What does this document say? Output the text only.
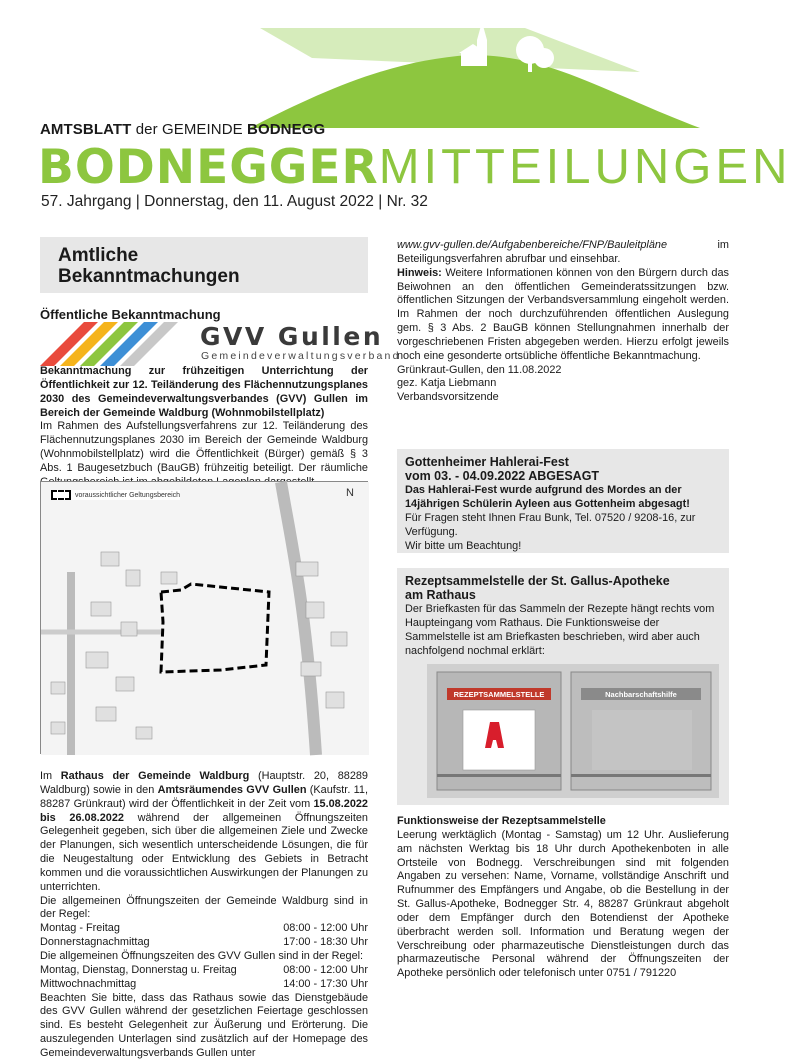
AMTSBLATT der GEMEINDE BODNEGG
BODNEGGERMITTEILUNGEN
57. Jahrgang | Donnerstag, den 11. August 2022 | Nr. 32
Amtliche
Bekanntmachungen
Öffentliche Bekanntmachung
GVV Gullen
Gemeindeverwaltungsverband

Bekanntmachung zur frühzeitigen Unterrichtung der Öffentlichkeit zur 12. Teiländerung des Flächennutzungsplanes 2030 des Gemeindeverwaltungsverbandes (GVV) Gullen im Bereich der Gemeinde Waldburg (Wohnmobilstellplatz)

Im Rahmen des Aufstellungsverfahrens zur 12. Teiländerung des Flächennutzungsplanes 2030 im Bereich der Gemeinde Waldburg (Wohnmobilstellplatz) wird die Öffentlichkeit (Bürger) gemäß § 3 Abs. 1 Baugesetzbuch (BauGB) frühzeitig beteiligt. Der räumliche

N
voraussichtlicher Geltungsbereich

Im Rathaus der Gemeinde Waldburg (Hauptstr. 20, 88289 Waldburg) sowie in den Amtsräumendes GVV Gullen (Kaufstr. 11, 88287 Grünkraut) wird der Öffentlichkeit in der Zeit vom 15.08.2022 bis 26.08.2022 während der allgemeinen Öffnungszeiten Gelegenheit gegeben, sich über die allgemeinen Ziele und Zwecke der Planungen, sich wesentlich unterscheidende Lösungen, die für die Neugestaltung oder Entwicklung des Gebiets in Betracht kommen und die voraussichtlichen Auswirkungen der Planungen zu unterrichten.

Die allgemeinen Öffnungszeiten der Gemeinde Waldburg sind in der Regel:

Montag - Freitag	08:00 - 12:00 Uhr
Donnerstagnachmittag	17:00 - 18:30 Uhr

Die allgemeinen Öffnungszeiten des GVV Gullen sind in der Regel:

Montag, Dienstag, Donnerstag u. Freitag	08:00 - 12:00 Uhr
Mittwochnachmittag	14:00 - 17:30 Uhr

Beachten Sie bitte, dass das Rathaus sowie das Dienstgebäude des GVV Gullen während der gesetzlichen Feiertage geschlossen sind. Es besteht Gelegenheit zur Äußerung und Erörterung. Die auszulegenden Unterlagen sind zusätzlich auf der Homepage des Gemeindeverwaltungsverbands Gullen unter

www.gvv-gullen.de/Aufgabenbereiche/FNP/Bauleitpläne im Beteiligungsverfahren abrufbar und einsehbar.

Hinweis: Weitere Informationen können von den Bürgern durch das Beiwohnen an den öffentlichen Gemeinderatssitzungen bzw. öffentlichen Sitzungen der Verbandsversammlung eingeholt werden. Im Rahmen der noch durchzuführenden öffentlichen Auslegung gem. § 3 Abs. 2 BauGB können Stellungnahmen innerhalb der vorgeschriebenen Fristen abgegeben werden. Hierzu erfolgt jeweils noch eine gesonderte ortsübliche öffentliche Bekanntmachung.

Grünkraut-Gullen, den 11.08.2022

gez. Katja Liebmann

Verbandsvorsitzende

Gottenheimer Hahlerai-Fest
vom 03. - 04.09.2022 ABGESAGT
Das Hahlerai-Fest wurde aufgrund des Mordes an der 14jährigen Schülerin Ayleen aus Gottenheim abgesagt!
Für Fragen steht Ihnen Frau Bunk, Tel. 07520 / 9208-16, zur Verfügung.
Wir bitte um Beachtung!
Rezeptsammelstelle der St. Gallus-Apotheke
am Rathaus
Der Briefkasten für das Sammeln der Rezepte hängt rechts vom Haupteingang vom Rathaus. Die Funktionsweise der Sammelstelle ist am Briefkasten beschrieben, wird aber auch nachfolgend nochmal erklärt:
REZEPTSAMMELSTELLE	Nachbarschaftshilfe

Funktionsweise der Rezeptsammelstelle

Leerung werktäglich (Montag - Samstag) um 12 Uhr. Auslieferung am nächsten Werktag bis 18 Uhr durch Apothekenboten in alle Ortsteile von Bodnegg. Verschreibungen sind mit folgenden Angaben zu versehen: Name, Vorname, vollständige Anschrift und Rufnummer des Empfängers und Angabe, ob die Bestellung in der St. Gallus-Apotheke, Bodnegger Str. 4, 88287 Grünkraut abgeholt oder dem Empfänger durch den Botendienst der Apotheke überbracht werden soll. Information und Beratung wegen der Verschreibung oder pharmazeutische Dienstleistungen durch das pharmazeutische Personal während der Öffnungszeiten der Apotheke persönlich oder telefonisch unter 0751 / 791220
